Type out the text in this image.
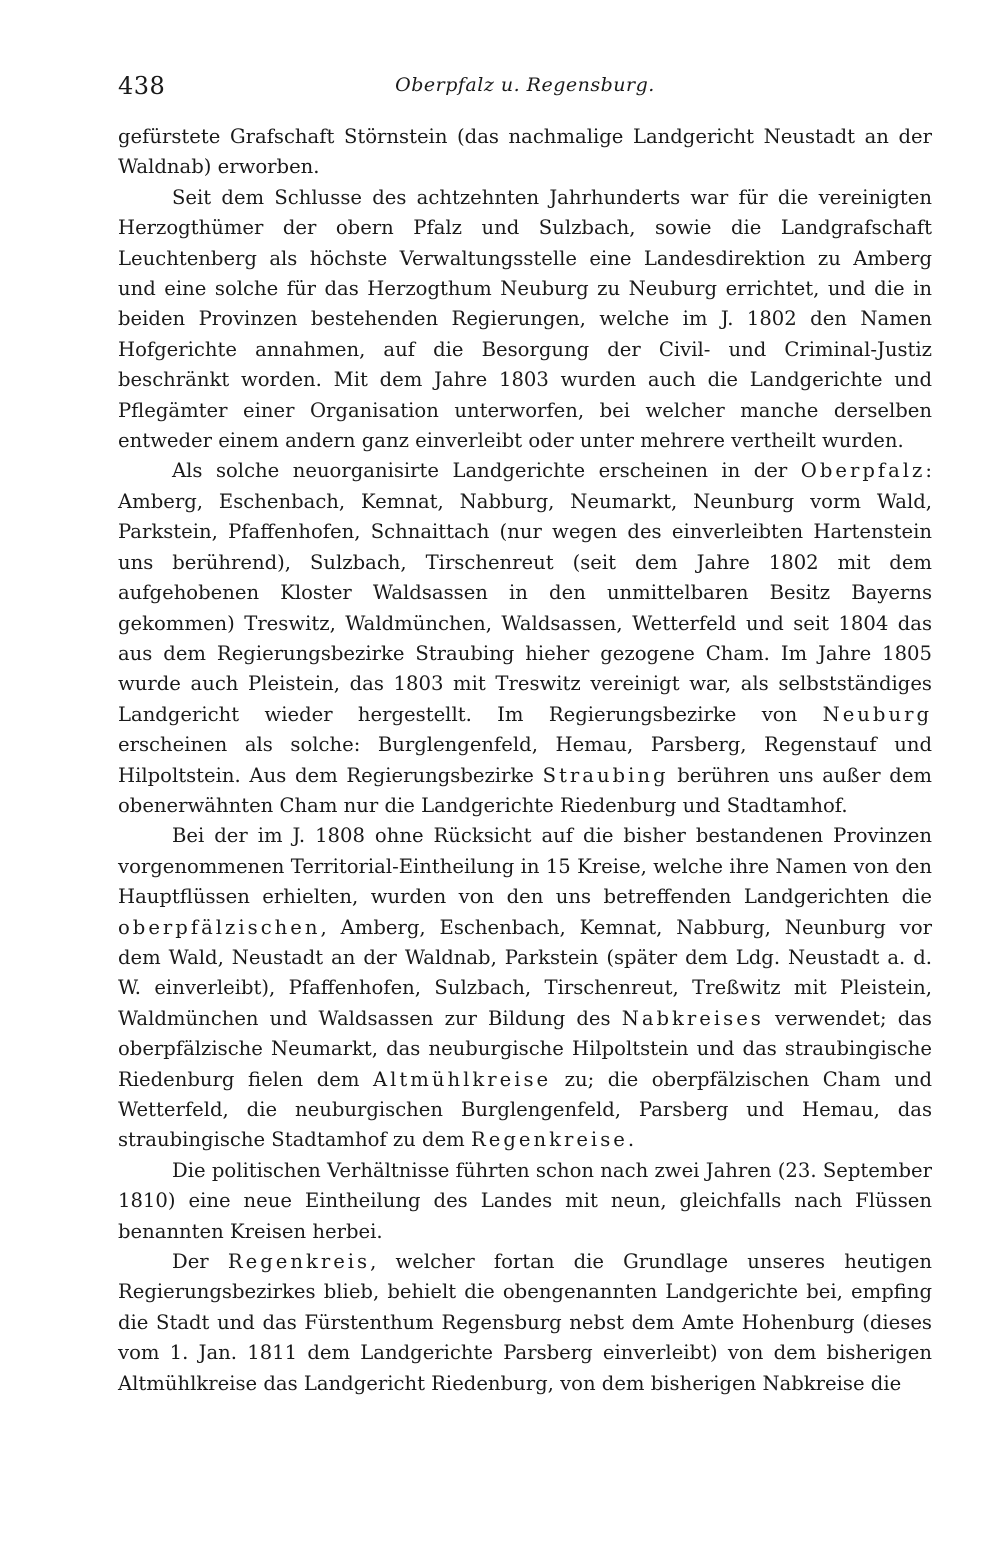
438	Oberpfalz u. Regensburg.

gefürstete Grafschaft Störnstein (das nachmalige Landgericht Neustadt an der Waldnab) erworben.

Seit dem Schlusse des achtzehnten Jahrhunderts war für die vereinigten Herzogthümer der obern Pfalz und Sulzbach, sowie die Landgrafschaft Leuchtenberg als höchste Verwaltungsstelle eine Landesdirektion zu Amberg und eine solche für das Herzogthum Neuburg zu Neuburg errichtet, und die in beiden Provinzen bestehenden Regierungen, welche im J. 1802 den Namen Hofgerichte annahmen, auf die Besorgung der Civil- und Criminal-Justiz beschränkt worden. Mit dem Jahre 1803 wurden auch die Landgerichte und Pflegämter einer Organisation unterworfen, bei welcher manche derselben entweder einem andern ganz einverleibt oder unter mehrere vertheilt wurden.

Als solche neuorganisirte Landgerichte erscheinen in der Oberpfalz: Amberg, Eschenbach, Kemnat, Nabburg, Neumarkt, Neunburg vorm Wald, Parkstein, Pfaffenhofen, Schnaittach (nur wegen des einverleibten Hartenstein uns berührend), Sulzbach, Tirschenreut (seit dem Jahre 1802 mit dem aufgehobenen Kloster Waldsassen in den unmittelbaren Besitz Bayerns gekommen) Treswitz, Waldmünchen, Waldsassen, Wetterfeld und seit 1804 das aus dem Regierungsbezirke Straubing hieher gezogene Cham. Im Jahre 1805 wurde auch Pleistein, das 1803 mit Treswitz vereinigt war, als selbstständiges Landgericht wieder hergestellt. Im Regierungsbezirke von Neuburg erscheinen als solche: Burglengenfeld, Hemau, Parsberg, Regenstauf und Hilpoltstein. Aus dem Regierungsbezirke Straubing berühren uns außer dem obenerwähnten Cham nur die Landgerichte Riedenburg und Stadtamhof.

Bei der im J. 1808 ohne Rücksicht auf die bisher bestandenen Provinzen vorgenommenen Territorial-Eintheilung in 15 Kreise, welche ihre Namen von den Hauptflüssen erhielten, wurden von den uns betreffenden Landgerichten die oberpfälzischen, Amberg, Eschenbach, Kemnat, Nabburg, Neunburg vor dem Wald, Neustadt an der Waldnab, Parkstein (später dem Ldg. Neustadt a. d. W. einverleibt), Pfaffenhofen, Sulzbach, Tirschenreut, Treßwitz mit Pleistein, Waldmünchen und Waldsassen zur Bildung des Nabkreises verwendet; das oberpfälzische Neumarkt, das neuburgische Hilpoltstein und das straubingische Riedenburg fielen dem Altmühlkreise zu; die oberpfälzischen Cham und Wetterfeld, die neuburgischen Burglengenfeld, Parsberg und Hemau, das straubingische Stadtamhof zu dem Regenkreise.

Die politischen Verhältnisse führten schon nach zwei Jahren (23. September 1810) eine neue Eintheilung des Landes mit neun, gleichfalls nach Flüssen benannten Kreisen herbei.

Der Regenkreis, welcher fortan die Grundlage unseres heutigen Regierungsbezirkes blieb, behielt die obengenannten Landgerichte bei, empfing die Stadt und das Fürstenthum Regensburg nebst dem Amte Hohenburg (dieses vom 1. Jan. 1811 dem Landgerichte Parsberg einverleibt) von dem bisherigen Altmühlkreise das Landgericht Riedenburg, von dem bisherigen Nabkreise die
